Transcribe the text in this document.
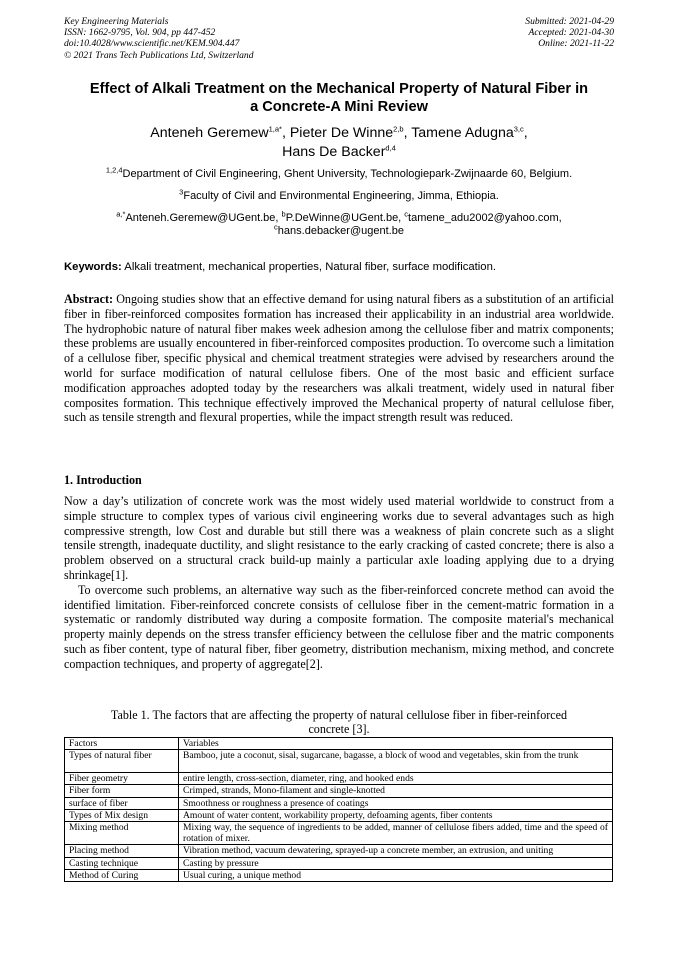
Key Engineering Materials
ISSN: 1662-9795, Vol. 904, pp 447-452
doi:10.4028/www.scientific.net/KEM.904.447
© 2021 Trans Tech Publications Ltd, Switzerland
Submitted: 2021-04-29
Accepted: 2021-04-30
Online: 2021-11-22
Effect of Alkali Treatment on the Mechanical Property of Natural Fiber in
a Concrete-A Mini Review
Anteneh Geremew$^{1,a*}$, Pieter De Winne$^{2,b}$, Tamene Adugna$^{3,c}$,
Hans De Backer$^{d,4}$
$^{1,2,4}$Department of Civil Engineering, Ghent University, Technologiepark-Zwijnaarde 60, Belgium.
$^3$Faculty of Civil and Environmental Engineering, Jimma, Ethiopia.
$^{a,*}$Anteneh.Geremew@UGent.be, $^b$P.DeWinne@UGent.be, $^c$tamene_adu2002@yahoo.com,
$^c$hans.debacker@ugent.be
Keywords: Alkali treatment, mechanical properties, Natural fiber, surface modification.
Abstract: Ongoing studies show that an effective demand for using natural fibers as a substitution of an artificial fiber in fiber-reinforced composites formation has increased their applicability in an industrial area worldwide. The hydrophobic nature of natural fiber makes week adhesion among the cellulose fiber and matrix components; these problems are usually encountered in fiber-reinforced composites production. To overcome such a limitation of a cellulose fiber, specific physical and chemical treatment strategies were advised by researchers around the world for surface modification of natural cellulose fibers. One of the most basic and efficient surface modification approaches adopted today by the researchers was alkali treatment, widely used in natural fiber composites formation. This technique effectively improved the Mechanical property of natural cellulose fiber, such as tensile strength and flexural properties, while the impact strength result was reduced.
1. Introduction

Now a day’s utilization of concrete work was the most widely used material worldwide to construct from a simple structure to complex types of various civil engineering works due to several advantages such as high compressive strength, low Cost and durable but still there was a weakness of plain concrete such as a slight tensile strength, inadequate ductility, and slight resistance to the early cracking of casted concrete; there is also a problem observed on a structural crack build-up mainly a particular axle loading applying due to a drying shrinkage[1].

To overcome such problems, an alternative way such as the fiber-reinforced concrete method can avoid the identified limitation. Fiber-reinforced concrete consists of cellulose fiber in the cement-matric formation in a systematic or randomly distributed way during a composite formation. The composite material's mechanical property mainly depends on the stress transfer efficiency between the cellulose fiber and the matric components such as fiber content, type of natural fiber, fiber geometry, distribution mechanism, mixing method, and concrete compaction techniques, and property of aggregate[2].

Table 1. The factors that are affecting the property of natural cellulose fiber in fiber-reinforced
concrete [3].
Factors	Variables
Types of natural fiber	Bamboo, jute a coconut, sisal, sugarcane, bagasse, a block of wood and vegetables, skin from the trunk
Fiber geometry	entire length, cross-section, diameter, ring, and hooked ends
Fiber form	Crimped, strands, Mono-filament and single-knotted
surface of fiber	Smoothness or roughness a presence of coatings
Types of Mix design	Amount of water content, workability property, defoaming agents, fiber contents
Mixing method	Mixing way, the sequence of ingredients to be added, manner of cellulose fibers added, time and the speed of rotation of mixer.
Placing method	Vibration method, vacuum dewatering, sprayed-up a concrete member, an extrusion, and uniting
Casting technique	Casting by pressure
Method of Curing	Usual curing, a unique method
